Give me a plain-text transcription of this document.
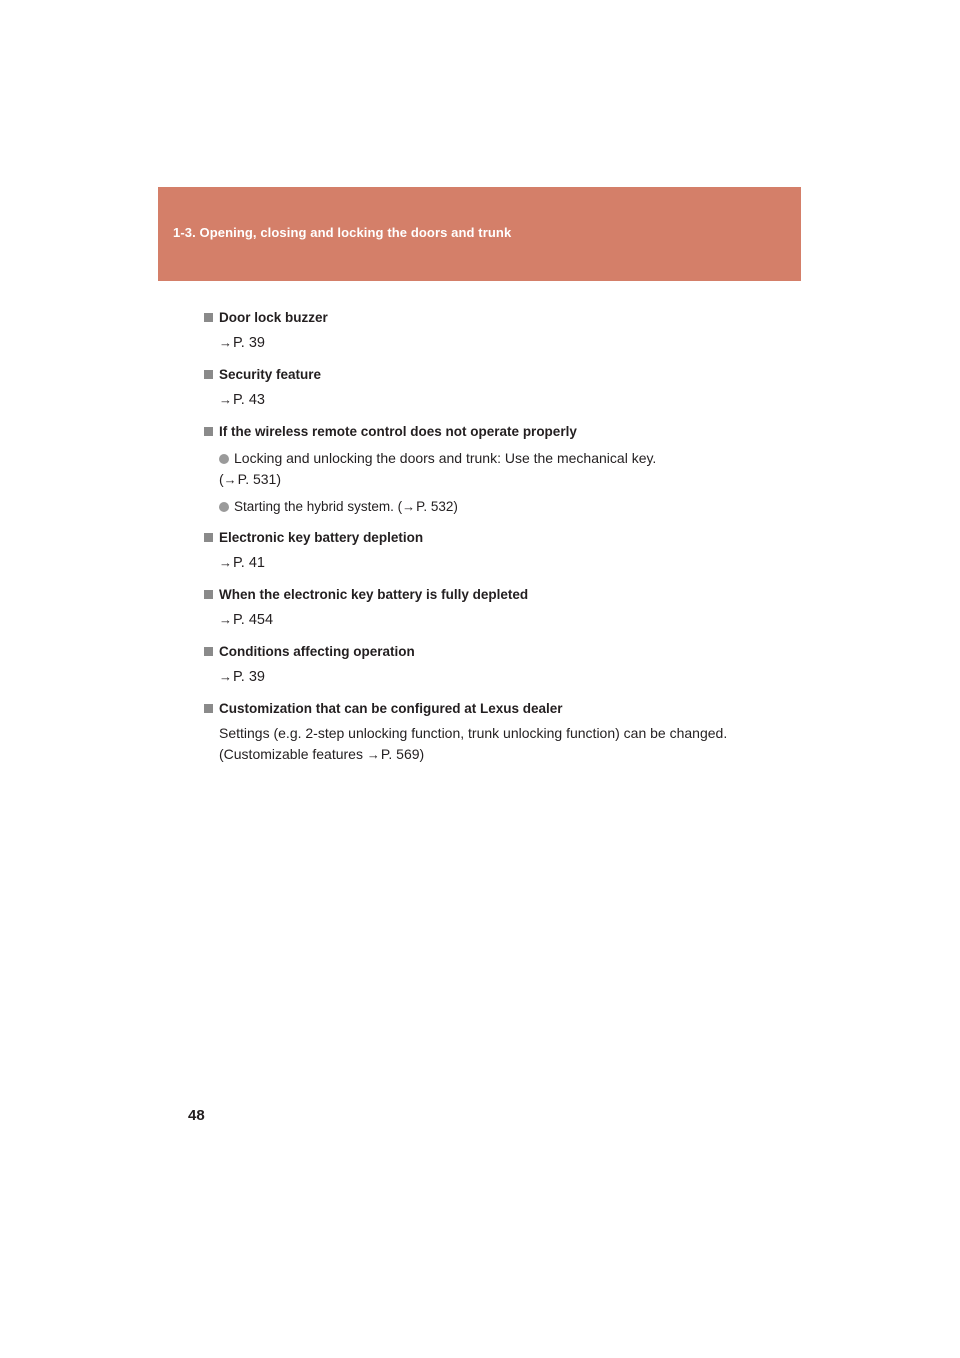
1-3. Opening, closing and locking the doors and trunk
Door lock buzzer
→P. 39
Security feature
→P. 43
If the wireless remote control does not operate properly
Locking and unlocking the doors and trunk: Use the mechanical key.
(→P. 531)
Starting the hybrid system. (→P. 532)
Electronic key battery depletion
→P. 41
When the electronic key battery is fully depleted
→P. 454
Conditions affecting operation
→P. 39
Customization that can be configured at Lexus dealer
Settings (e.g. 2-step unlocking function, trunk unlocking function) can be changed.
(Customizable features →P. 569)
48
